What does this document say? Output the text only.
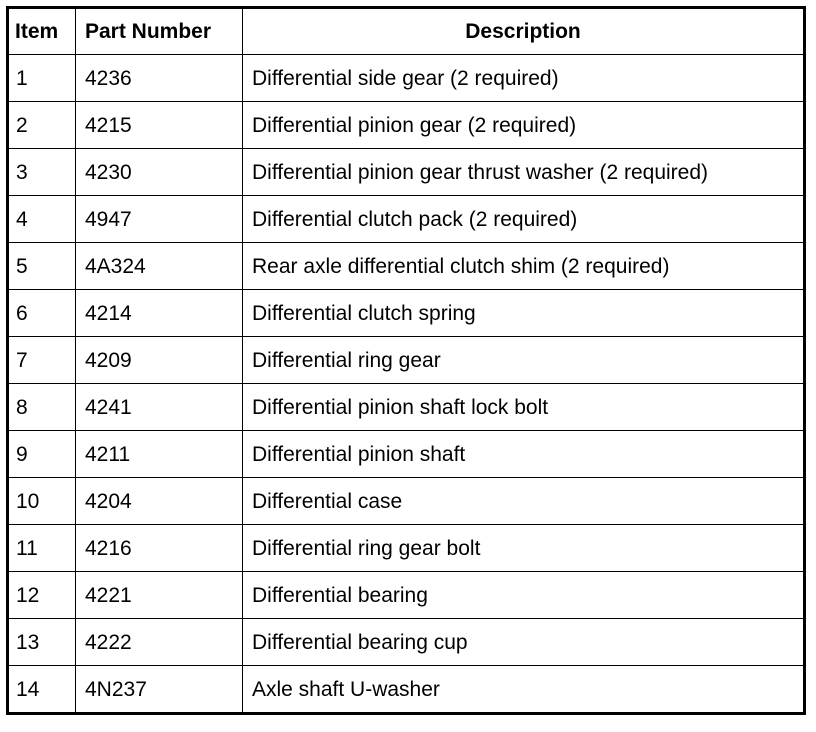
Item	Part Number	Description
1	4236	Differential side gear (2 required)
2	4215	Differential pinion gear (2 required)
3	4230	Differential pinion gear thrust washer (2 required)
4	4947	Differential clutch pack (2 required)
5	4A324	Rear axle differential clutch shim (2 required)
6	4214	Differential clutch spring
7	4209	Differential ring gear
8	4241	Differential pinion shaft lock bolt
9	4211	Differential pinion shaft
10	4204	Differential case
11	4216	Differential ring gear bolt
12	4221	Differential bearing
13	4222	Differential bearing cup
14	4N237	Axle shaft U-washer
